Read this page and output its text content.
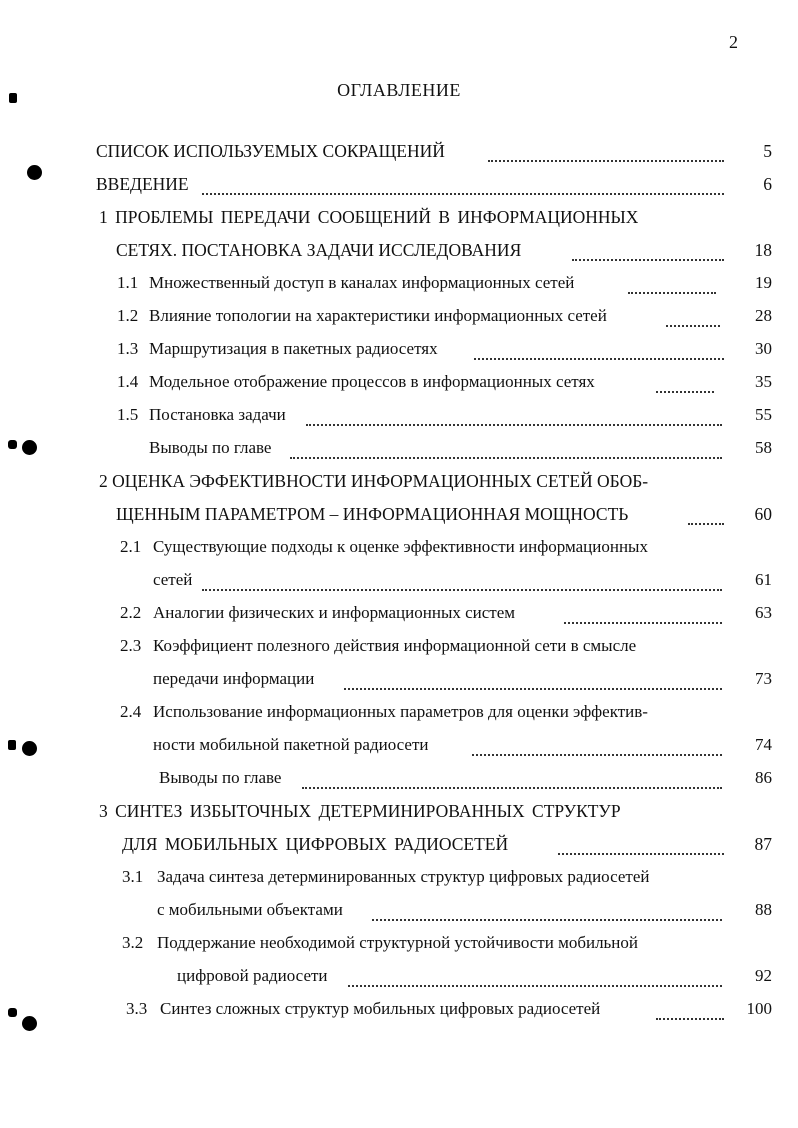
2
ОГЛАВЛЕНИЕ
СПИСОК ИСПОЛЬЗУЕМЫХ СОКРАЩЕНИЙ	5
ВВЕДЕНИЕ	6
1 ПРОБЛЕМЫ ПЕРЕДАЧИ СООБЩЕНИЙ В ИНФОРМАЦИОННЫХ
СЕТЯХ. ПОСТАНОВКА ЗАДАЧИ ИССЛЕДОВАНИЯ	18
1.1 Множественный доступ в каналах информационных сетей	19
1.2 Влияние топологии на характеристики информационных сетей	28
1.3 Маршрутизация в пакетных радиосетях	30
1.4 Модельное отображение процессов в информационных сетях	35
1.5 Постановка задачи	55
Выводы по главе	58
2 ОЦЕНКА ЭФФЕКТИВНОСТИ ИНФОРМАЦИОННЫХ СЕТЕЙ ОБОБ-
ЩЕННЫМ ПАРАМЕТРОМ – ИНФОРМАЦИОННАЯ МОЩНОСТЬ	60
2.1 Существующие подходы к оценке эффективности информационных
сетей	61
2.2 Аналогии физических и информационных систем	63
2.3 Коэффициент полезного действия информационной сети в смысле
передачи информации	73
2.4 Использование информационных параметров для оценки эффектив-
ности мобильной пакетной радиосети	74
Выводы по главе	86
3 СИНТЕЗ ИЗБЫТОЧНЫХ ДЕТЕРМИНИРОВАННЫХ СТРУКТУР
ДЛЯ МОБИЛЬНЫХ ЦИФРОВЫХ РАДИОСЕТЕЙ	87
3.1 Задача синтеза детерминированных структур цифровых радиосетей
с мобильными объектами	88
3.2 Поддержание необходимой структурной устойчивости мобильной
цифровой радиосети	92
3.3 Синтез сложных структур мобильных цифровых радиосетей	100
